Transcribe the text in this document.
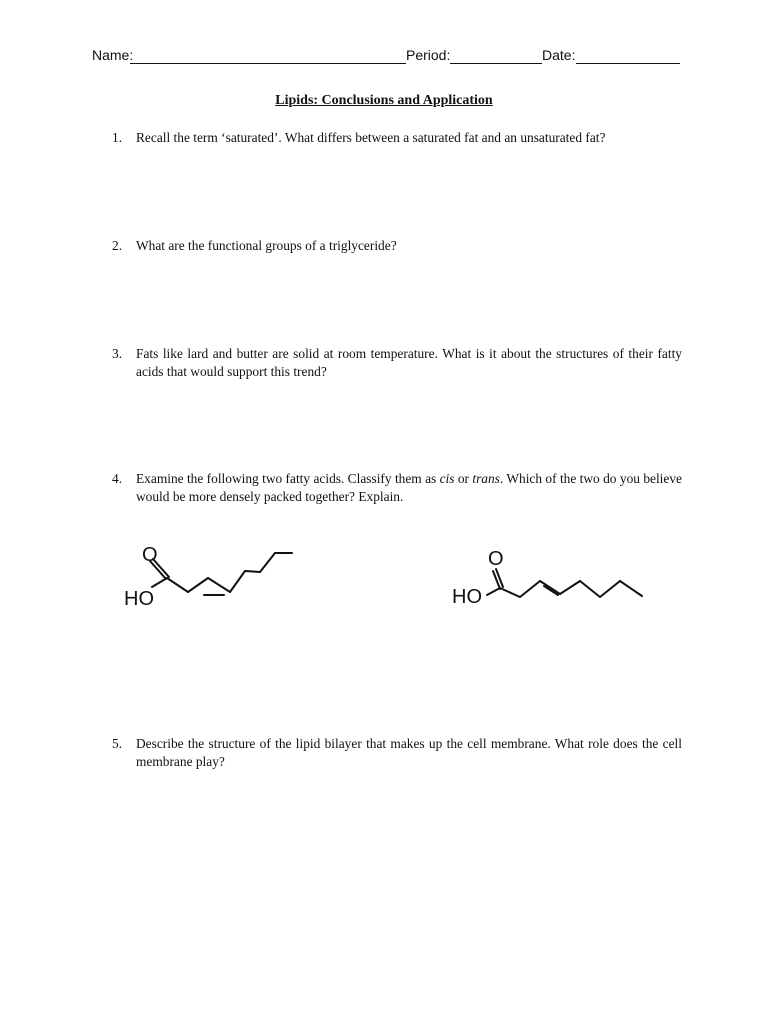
Name:	Period:	Date:
Lipids: Conclusions and Application
1.	Recall the term ‘saturated’. What differs between a saturated fat and an unsaturated fat?
2.	What are the functional groups of a triglyceride?
3.	Fats like lard and butter are solid at room temperature. What is it about the structures of their fatty acids that would support this trend?
4.	Examine the following two fatty acids. Classify them as cis or trans. Which of the two do you believe would be more densely packed together? Explain.
O
HO
O
HO
5.	Describe the structure of the lipid bilayer that makes up the cell membrane. What role does the cell membrane play?
